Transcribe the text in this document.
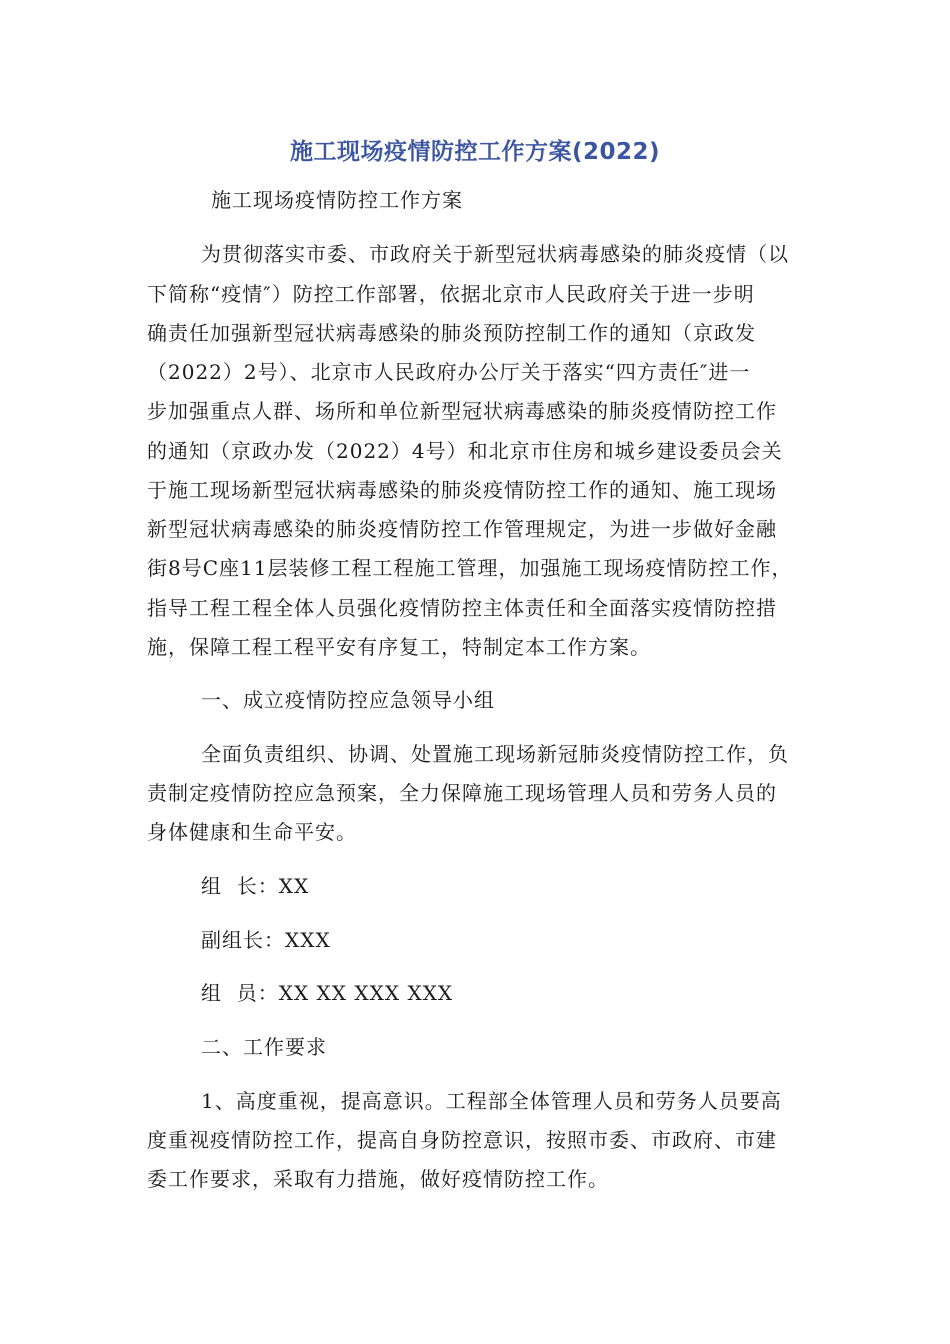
施工现场疫情防控工作方案(2022)
施工现场疫情防控工作方案
为贯彻落实市委、市政府关于新型冠状病毒感染的肺炎疫情（以
下简称“疫情″）防控工作部署，依据北京市人民政府关于进一步明
确责任加强新型冠状病毒感染的肺炎预防控制工作的通知（京政发
（2022）2号）、北京市人民政府办公厅关于落实“四方责任″进一
步加强重点人群、场所和单位新型冠状病毒感染的肺炎疫情防控工作
的通知（京政办发（2022）4号）和北京市住房和城乡建设委员会关
于施工现场新型冠状病毒感染的肺炎疫情防控工作的通知、施工现场
新型冠状病毒感染的肺炎疫情防控工作管理规定，为进一步做好金融
街8号C座11层装修工程工程施工管理，加强施工现场疫情防控工作，
指导工程工程全体人员强化疫情防控主体责任和全面落实疫情防控措
施，保障工程工程平安有序复工，特制定本工作方案。
一、成立疫情防控应急领导小组
全面负责组织、协调、处置施工现场新冠肺炎疫情防控工作，负
责制定疫情防控应急预案，全力保障施工现场管理人员和劳务人员的
身体健康和生命平安。
组  长：XX
副组长：XXX
组  员：XX XX XXX XXX
二、工作要求
1、高度重视，提高意识。工程部全体管理人员和劳务人员要高
度重视疫情防控工作，提高自身防控意识，按照市委、市政府、市建
委工作要求，采取有力措施，做好疫情防控工作。
